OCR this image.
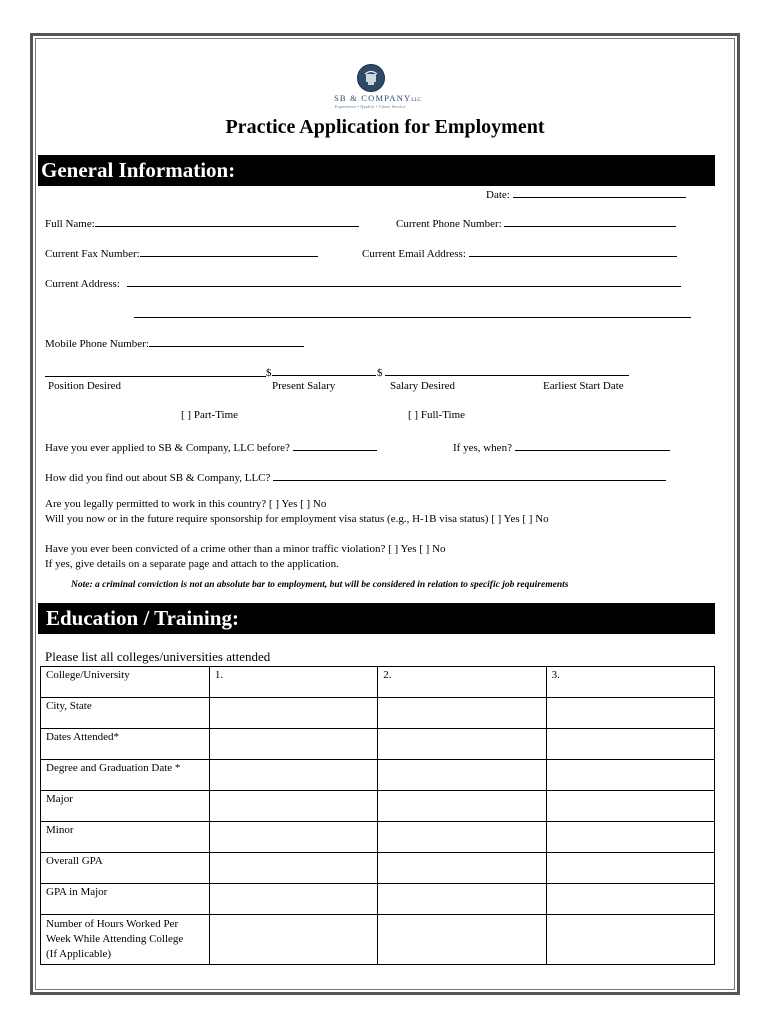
SB & COMPANYLLC
Experience • Quality • Client Service
Practice Application for Employment
General Information:
Date:
Full Name:	Current Phone Number:
Current Fax Number:	Current Email Address:
Current Address:
Mobile Phone Number:
$	$
Position Desired	Present Salary	Salary Desired	Earliest Start Date
[ ] Part-Time	[ ] Full-Time
Have you ever applied to SB & Company, LLC before?	If yes, when?
How did you find out about SB & Company, LLC?
Are you legally permitted to work in this country? [ ] Yes [ ] No
Will you now or in the future require sponsorship for employment visa status (e.g., H-1B visa status) [ ] Yes [ ] No
Have you ever been convicted of a crime other than a minor traffic violation? [ ] Yes [ ] No
If yes, give details on a separate page and attach to the application.
Note: a criminal conviction is not an absolute bar to employment, but will be considered in relation to specific job requirements
Education / Training:
Please list all colleges/universities attended
College/University	1.	2.	3.
City, State			
Dates Attended*			
Degree and Graduation Date *			
Major			
Minor			
Overall GPA			
GPA in Major			

Number of Hours Worked Per Week While Attending College (If Applicable)			
